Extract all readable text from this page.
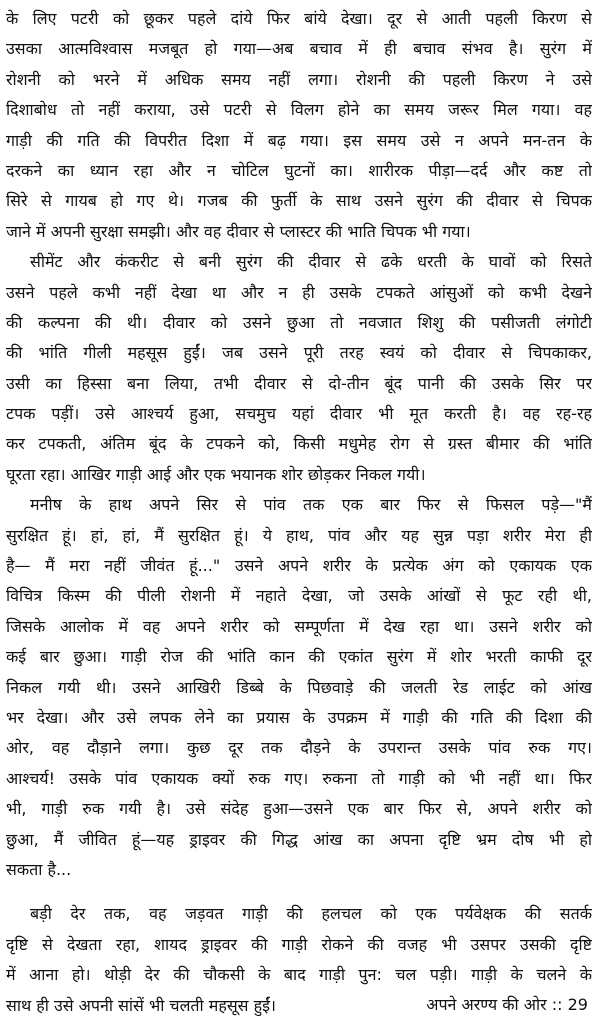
के लिए पटरी को छूकर पहले दांये फिर बांये देखा। दूर से आती पहली किरण से
उसका आत्मविश्वास मजबूत हो गया—अब बचाव में ही बचाव संभव है। सुरंग में
रोशनी को भरने में अधिक समय नहीं लगा। रोशनी की पहली किरण ने उसे
दिशाबोध तो नहीं कराया, उसे पटरी से विलग होने का समय जरूर मिल गया। वह
गाड़ी की गति की विपरीत दिशा में बढ़ गया। इस समय उसे न अपने मन-तन के
दरकने का ध्यान रहा और न चोटिल घुटनों का। शारीरक पीड़ा—दर्द और कष्ट तो
सिरे से गायब हो गए थे। गजब की फुर्ती के साथ उसने सुरंग की दीवार से चिपक
जाने में अपनी सुरक्षा समझी। और वह दीवार से प्लास्टर की भाति चिपक भी गया।
सीमेंट और कंकरीट से बनी सुरंग की दीवार से ढके धरती के घावों को रिसते
उसने पहले कभी नहीं देखा था और न ही उसके टपकते आंसुओं को कभी देखने
की कल्पना की थी। दीवार को उसने छुआ तो नवजात शिशु की पसीजती लंगोटी
की भांति गीली महसूस हुईं। जब उसने पूरी तरह स्वयं को दीवार से चिपकाकर,
उसी का हिस्सा बना लिया, तभी दीवार से दो-तीन बूंद पानी की उसके सिर पर
टपक पड़ीं। उसे आश्चर्य हुआ, सचमुच यहां दीवार भी मूत करती है। वह रह-रह
कर टपकती, अंतिम बूंद के टपकने को, किसी मधुमेह रोग से ग्रस्त बीमार की भांति
घूरता रहा। आखिर गाड़ी आई और एक भयानक शोर छोड़कर निकल गयी।
मनीष के हाथ अपने सिर से पांव तक एक बार फिर से फिसल पड़े—"मैं
सुरक्षित हूं। हां, हां, मैं सुरक्षित हूं। ये हाथ, पांव और यह सुन्न पड़ा शरीर मेरा ही
है— मैं मरा नहीं जीवंत हूं..." उसने अपने शरीर के प्रत्येक अंग को एकायक एक
विचित्र किस्म की पीली रोशनी में नहाते देखा, जो उसके आंखों से फूट रही थी,
जिसके आलोक में वह अपने शरीर को सम्पूर्णता में देख रहा था। उसने शरीर को
कई बार छुआ। गाड़ी रोज की भांति कान की एकांत सुरंग में शोर भरती काफी दूर
निकल गयी थी। उसने आखिरी डिब्बे के पिछवाड़े की जलती रेड लाईट को आंख
भर देखा। और उसे लपक लेने का प्रयास के उपक्रम में गाड़ी की गति की दिशा की
ओर, वह दौड़ाने लगा। कुछ दूर तक दौड़ने के उपरान्त उसके पांव रुक गए।
आश्चर्य! उसके पांव एकायक क्यों रुक गए। रुकना तो गाड़ी को भी नहीं था। फिर
भी, गाड़ी रुक गयी है। उसे संदेह हुआ—उसने एक बार फिर से, अपने शरीर को
छुआ, मैं जीवित हूं—यह ड्राइवर की गिद्ध आंख का अपना दृष्टि भ्रम दोष भी हो
सकता है...
बड़ी देर तक, वह जड़वत गाड़ी की हलचल को एक पर्यवेक्षक की सतर्क
दृष्टि से देखता रहा, शायद ड्राइवर की गाड़ी रोकने की वजह भी उसपर उसकी दृष्टि
में आना हो। थोड़ी देर की चौकसी के बाद गाड़ी पुन: चल पड़ी। गाड़ी के चलने के
साथ ही उसे अपनी सांसें भी चलती महसूस हुईं।	अपने अरण्य की ओर :: 29
